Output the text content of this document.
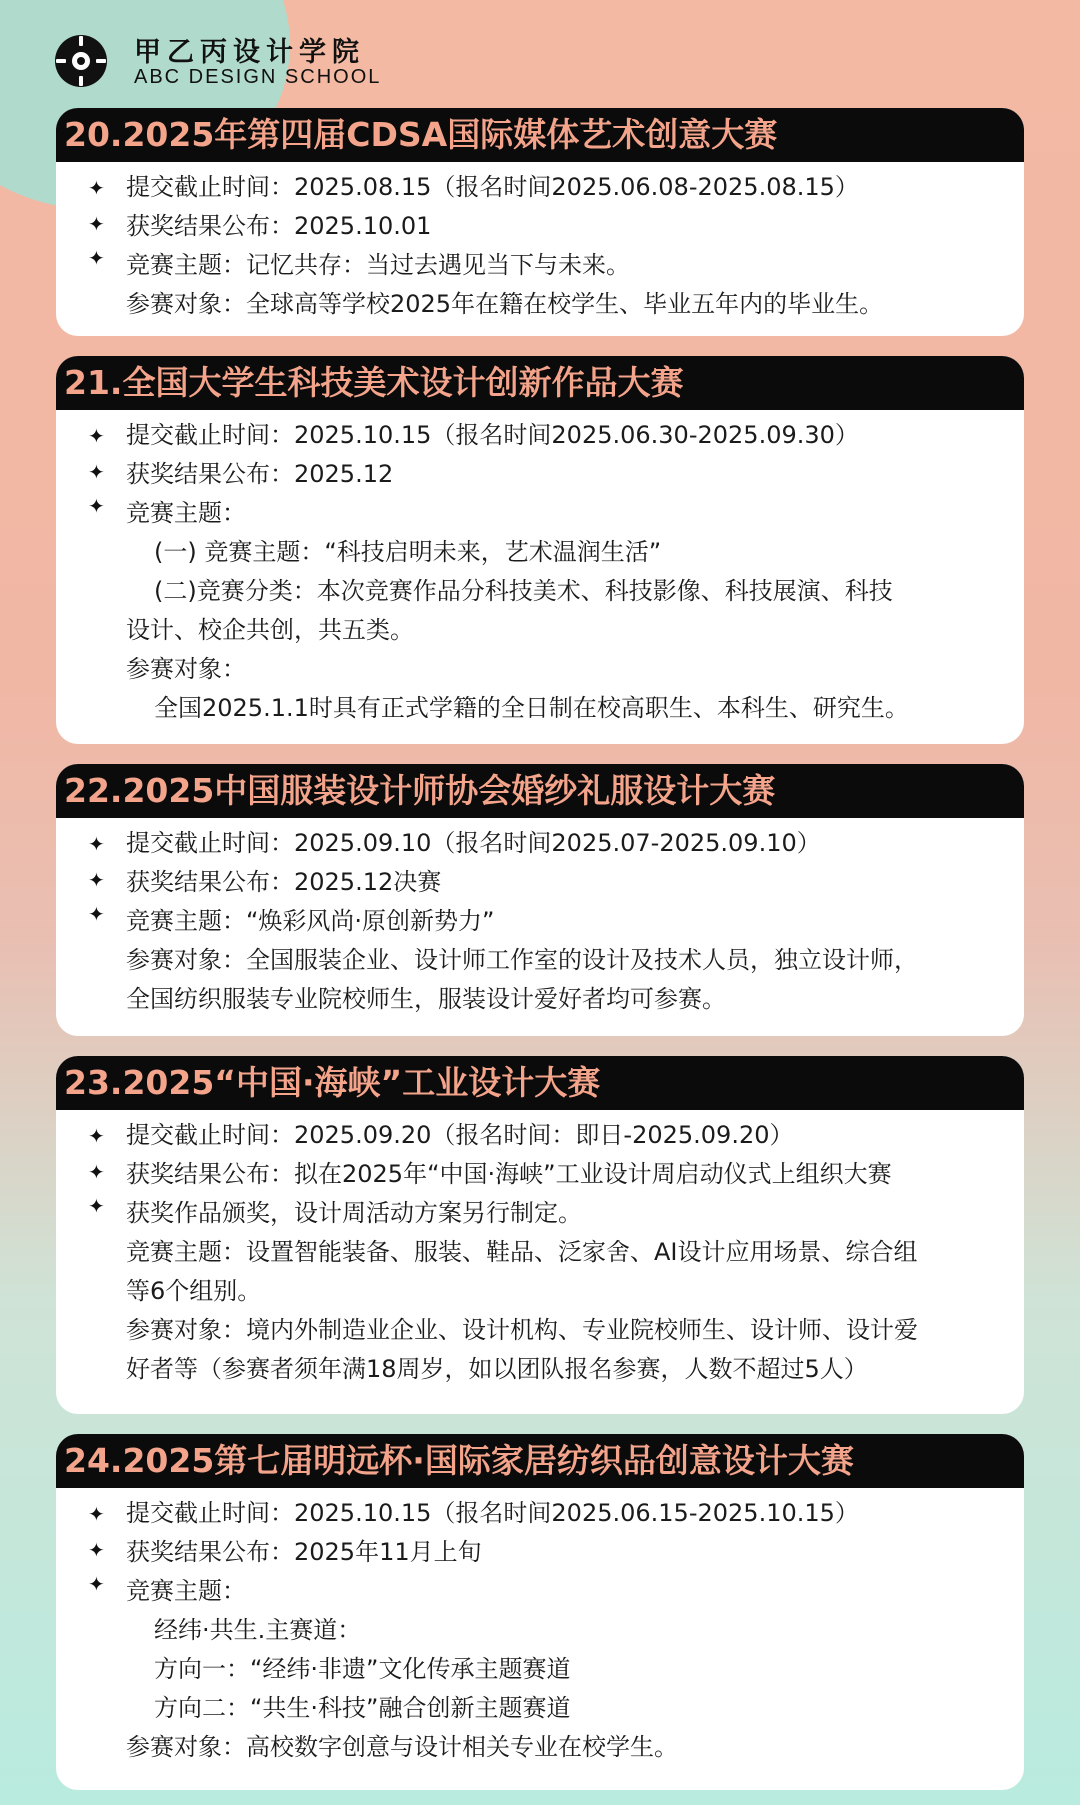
甲乙丙设计学院
ABC DESIGN SCHOOL
20.2025年第四届CDSA国际媒体艺术创意大赛
✦
✦
✦
提交截止时间：2025.08.15（报名时间2025.06.08-2025.08.15）
获奖结果公布：2025.10.01
竞赛主题：记忆共存：当过去遇见当下与未来。
参赛对象：全球高等学校2025年在籍在校学生、毕业五年内的毕业生。
21.全国大学生科技美术设计创新作品大赛
✦
✦
✦
提交截止时间：2025.10.15（报名时间2025.06.30-2025.09.30）
获奖结果公布：2025.12
竞赛主题：
(一) 竞赛主题：“科技启明未来，艺术温润生活”
(二)竞赛分类：本次竞赛作品分科技美术、科技影像、科技展演、科技
设计、校企共创，共五类。
参赛对象：
全国2025.1.1时具有正式学籍的全日制在校高职生、本科生、研究生。
22.2025中国服装设计师协会婚纱礼服设计大赛
✦
✦
✦
提交截止时间：2025.09.10（报名时间2025.07-2025.09.10）
获奖结果公布：2025.12决赛
竞赛主题：“焕彩风尚·原创新势力”
参赛对象：全国服装企业、设计师工作室的设计及技术人员，独立设计师，
全国纺织服装专业院校师生，服装设计爱好者均可参赛。
23.2025“中国·海峡”工业设计大赛
✦
✦
✦
提交截止时间：2025.09.20（报名时间：即日-2025.09.20）
获奖结果公布：拟在2025年“中国·海峡”工业设计周启动仪式上组织大赛
获奖作品颁奖，设计周活动方案另行制定。
竞赛主题：设置智能装备、服装、鞋品、泛家舍、AI设计应用场景、综合组
等6个组别。
参赛对象：境内外制造业企业、设计机构、专业院校师生、设计师、设计爱
好者等（参赛者须年满18周岁，如以团队报名参赛，人数不超过5人）
24.2025第七届明远杯·国际家居纺织品创意设计大赛
✦
✦
✦
提交截止时间：2025.10.15（报名时间2025.06.15-2025.10.15）
获奖结果公布：2025年11月上旬
竞赛主题：
经纬·共生.主赛道：
方向一：“经纬·非遗”文化传承主题赛道
方向二：“共生·科技”融合创新主题赛道
参赛对象：高校数字创意与设计相关专业在校学生。
